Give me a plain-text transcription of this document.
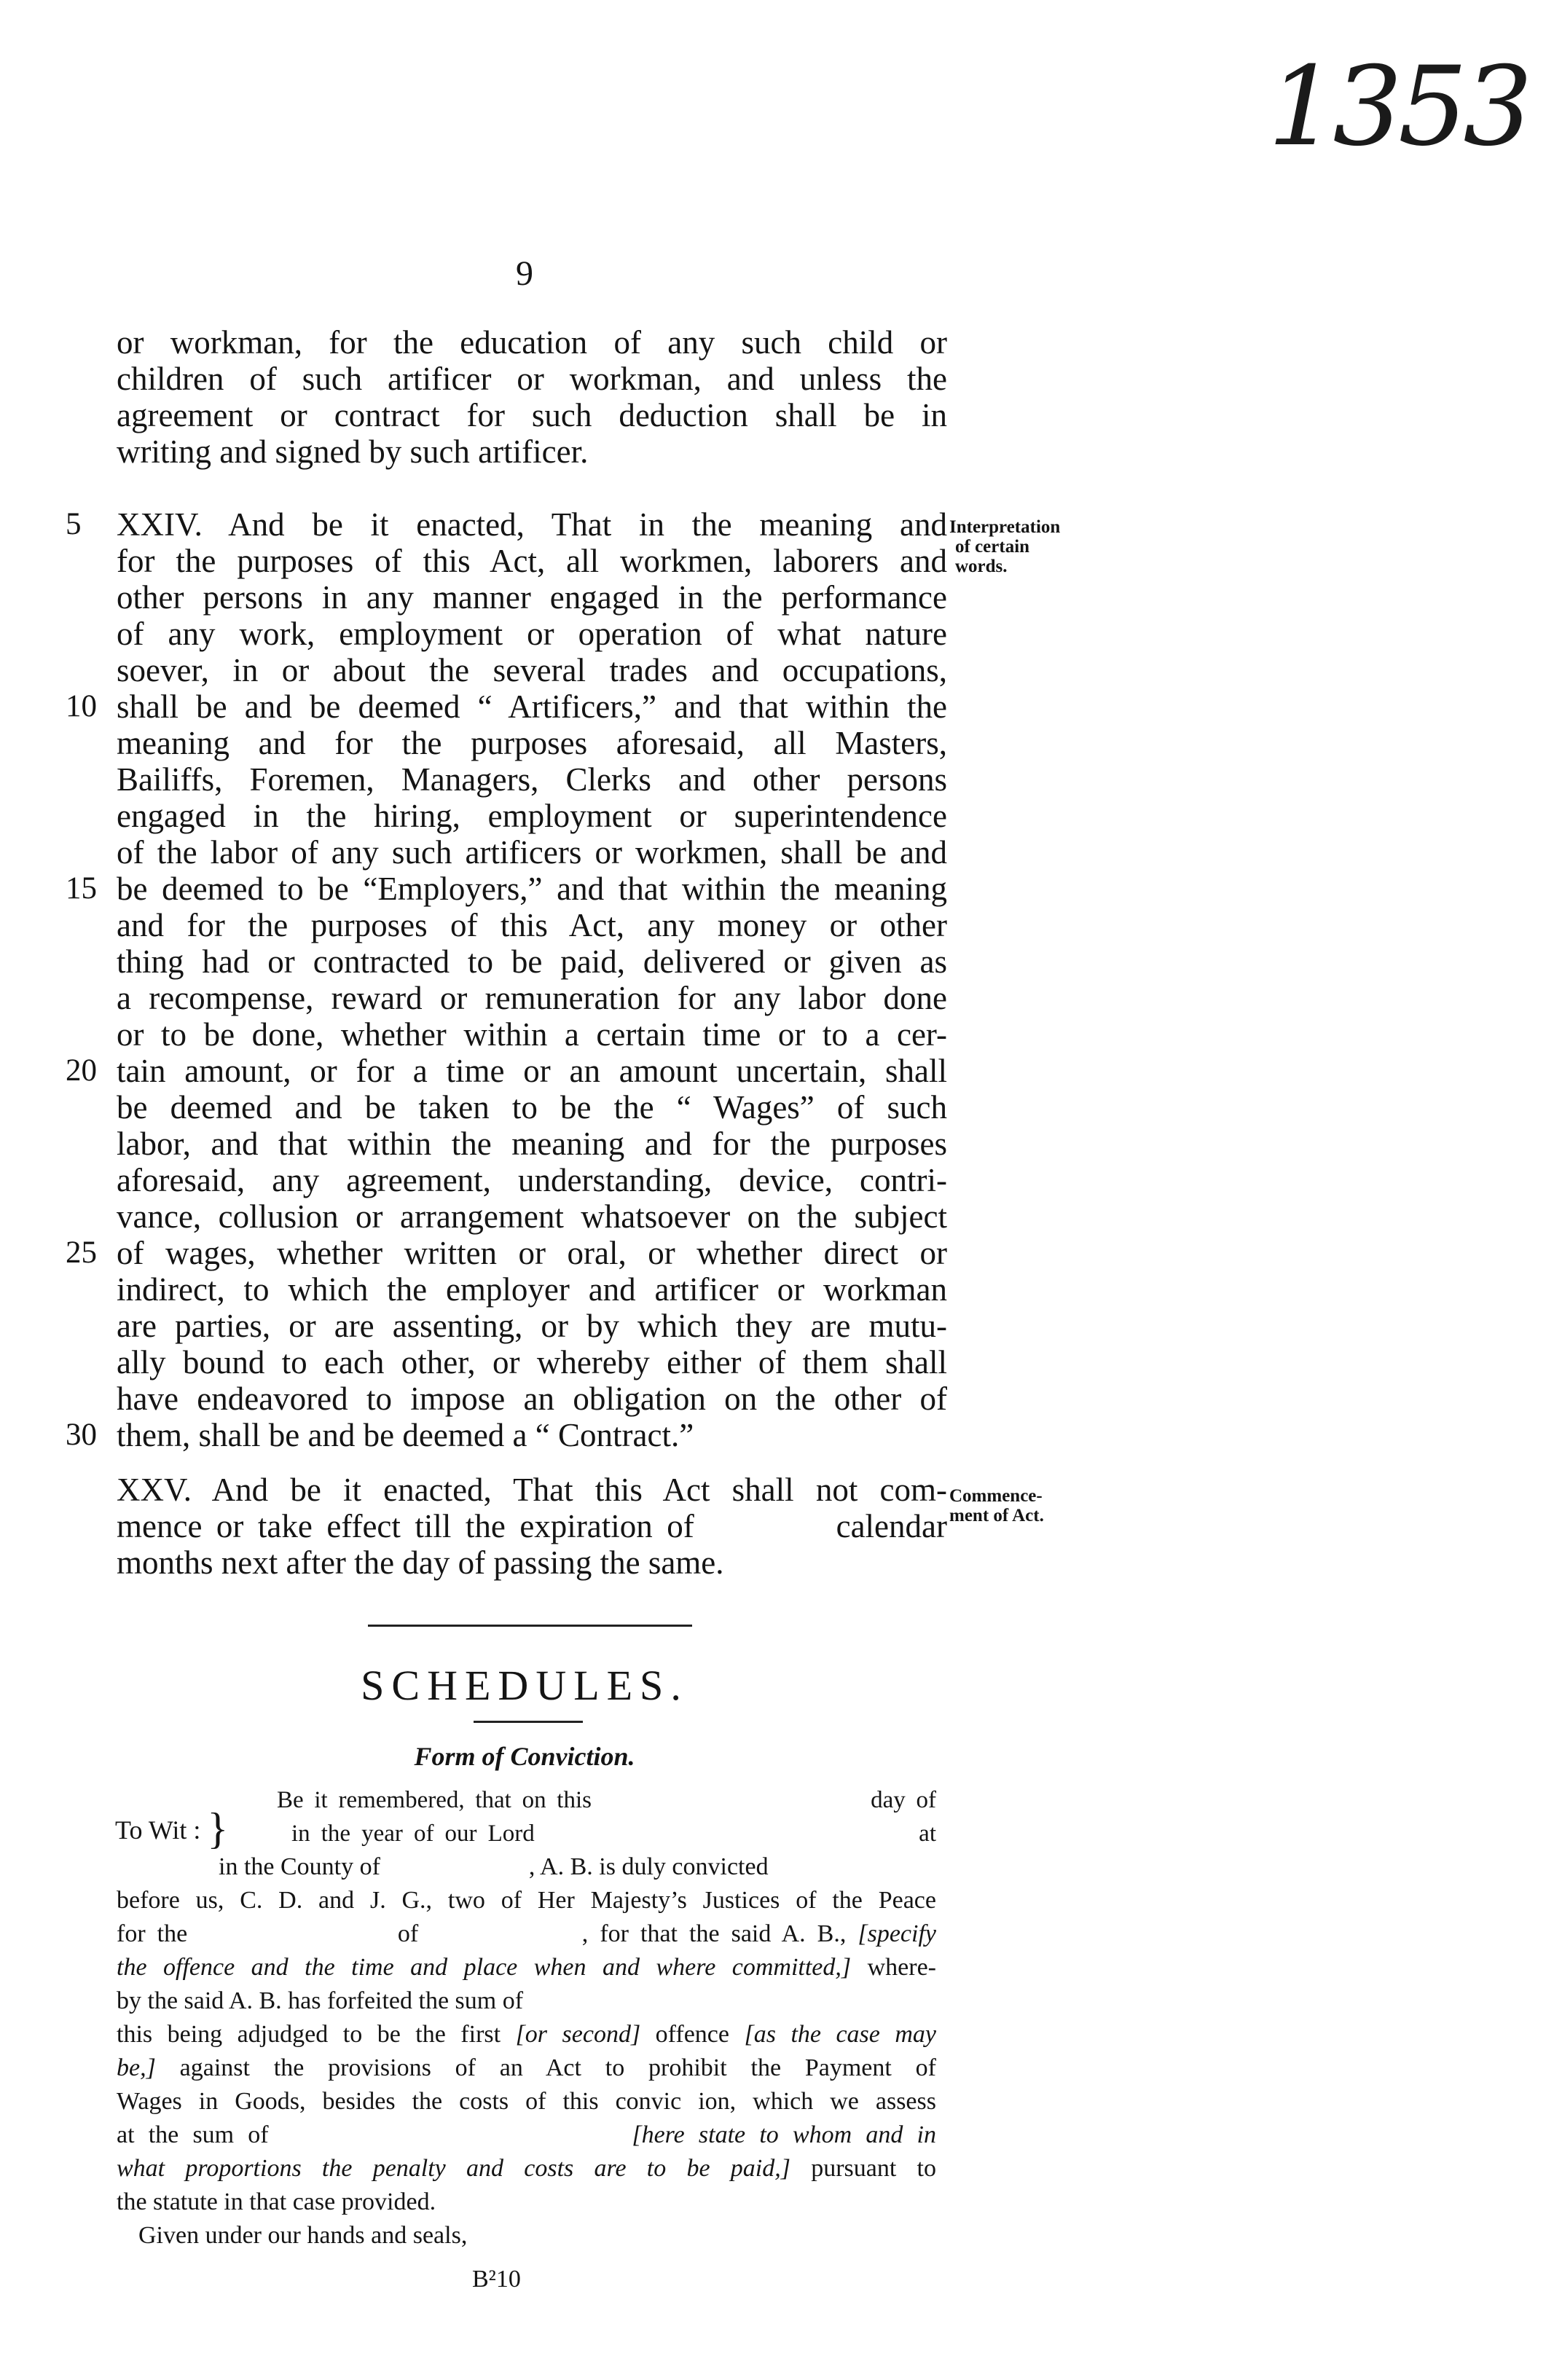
1353
9
or workman, for the education of any such child or
children of such artificer or workman, and unless the
agreement or contract for such deduction shall be in
writing and signed by such artificer.
5	XXIV. And be it enacted, That in the meaning and
for the purposes of this Act, all workmen, laborers and
other persons in any manner engaged in the performance
of any work, employment or operation of what nature
soever, in or about the several trades and occupations,
10 shall be and be deemed “ Artificers,” and that within the
meaning and for the purposes aforesaid, all Masters,
Bailiffs, Foremen, Managers, Clerks and other persons
engaged in the hiring, employment or superintendence
of the labor of any such artificers or workmen, shall be and
15 be deemed to be “Employers,” and that within the meaning
and for the purposes of this Act, any money or other
thing had or contracted to be paid, delivered or given as
a recompense, reward or remuneration for any labor done
or to be done, whether within a certain time or to a cer-
20 tain amount, or for a time or an amount uncertain, shall
be deemed and be taken to be the “ Wages” of such
labor, and that within the meaning and for the purposes
aforesaid, any agreement, understanding, device, contri-
vance, collusion or arrangement whatsoever on the subject
25 of wages, whether written or oral, or whether direct or
indirect, to which the employer and artificer or workman
are parties, or are assenting, or by which they are mutu-
ally bound to each other, or whereby either of them shall
have endeavored to impose an obligation on the other of
30 them, shall be and be deemed a “ Contract.”
Interpretation
of certain
words.
XXV. And be it enacted, That this Act shall not com-
mence or take effect till the expiration of          calendar
months next after the day of passing the same.
Commence-
ment of Act.
SCHEDULES.
Form of Conviction.
To Wit : }
Be it remembered, that on this                          day of
in the year of our Lord                                   at
in the County of                        , A. B. is duly convicted
before us, C. D. and J. G., two of Her Majesty’s Justices of the Peace
for the                  of              , for that the said A. B., [specify
the offence and the time and place when and where committed,] where-
by the said A. B. has forfeited the sum of
this being adjudged to be the first [or second] offence [as the case may
be,] against the provisions of an Act to prohibit the Payment of
Wages in Goods, besides the costs of this convic ion, which we assess
at the sum of                          [here state to whom and in
what proportions the penalty and costs are to be paid,] pursuant to
the statute in that case provided.
Given under our hands and seals,
B²10
